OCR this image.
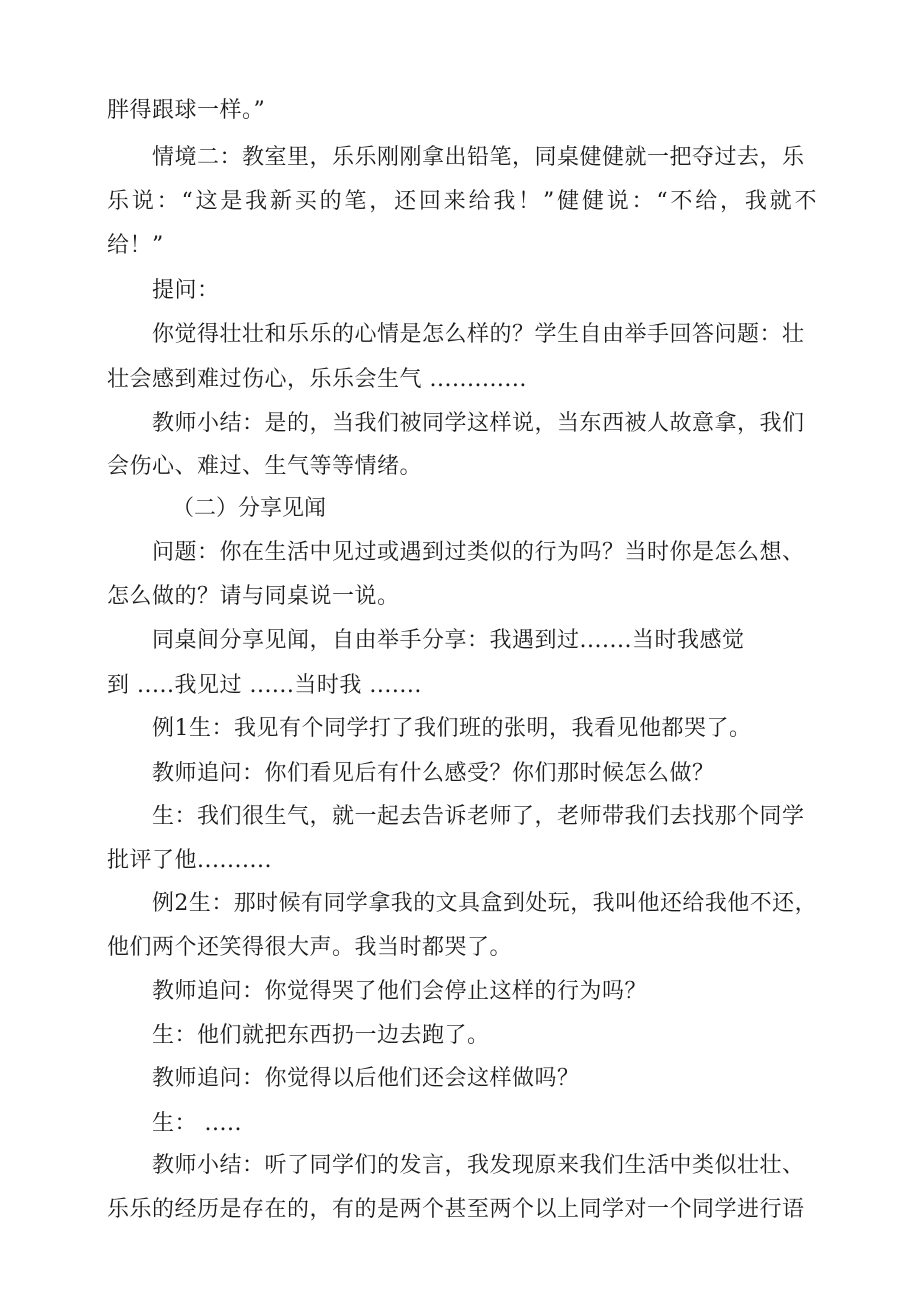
胖得跟球一样。”
情境二：教室里，乐乐刚刚拿出铅笔，同桌健健就一把夺过去，乐
乐说：“这是我新买的笔，还回来给我！”健健说：“不给，我就不
给！”
提问：
你觉得壮壮和乐乐的心情是怎么样的？学生自由举手回答问题：壮
壮会感到难过伤心，乐乐会生气 .............
教师小结：是的，当我们被同学这样说，当东西被人故意拿，我们
会伤心、难过、生气等等情绪。
（二）分享见闻
问题：你在生活中见过或遇到过类似的行为吗？当时你是怎么想、
怎么做的？请与同桌说一说。
同桌间分享见闻，自由举手分享：我遇到过.......当时我感觉
到 .....我见过 ......当时我 .......
例1生：我见有个同学打了我们班的张明，我看见他都哭了。
教师追问：你们看见后有什么感受？你们那时候怎么做？
生：我们很生气，就一起去告诉老师了，老师带我们去找那个同学
批评了他..........
例2生：那时候有同学拿我的文具盒到处玩，我叫他还给我他不还，
他们两个还笑得很大声。我当时都哭了。
教师追问：你觉得哭了他们会停止这样的行为吗？
生：他们就把东西扔一边去跑了。
教师追问：你觉得以后他们还会这样做吗？
生： .....
教师小结：听了同学们的发言，我发现原来我们生活中类似壮壮、
乐乐的经历是存在的，有的是两个甚至两个以上同学对一个同学进行语
